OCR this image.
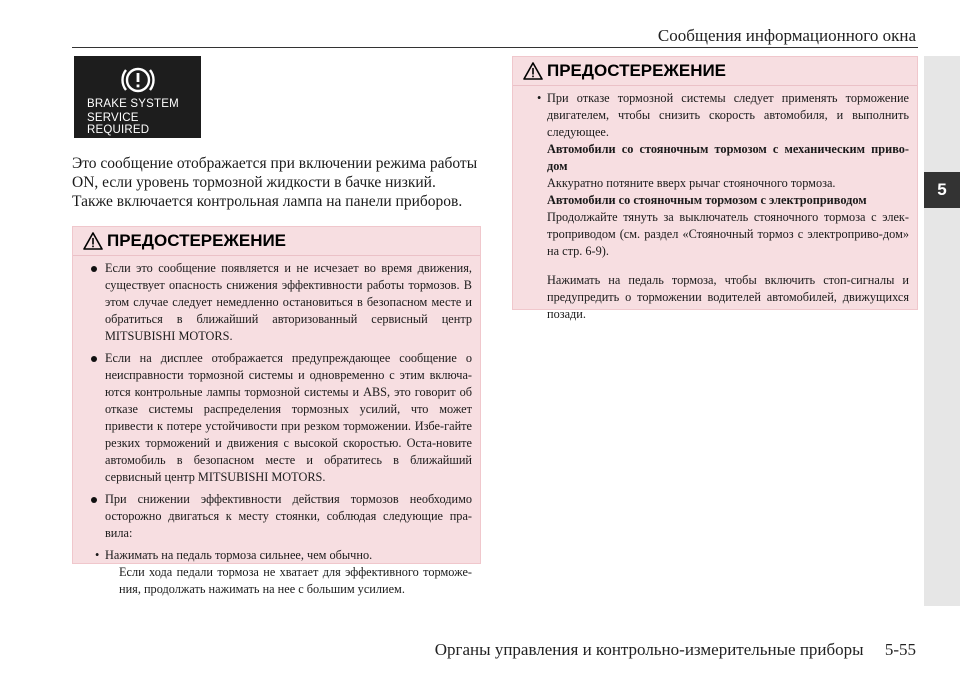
Сообщения информационного окна
5
BRAKE SYSTEM
SERVICE REQUIRED

Это сообщение отображается при включении режима работы ON, если уровень тормозной жидкости в бачке низкий.

Также включается контрольная лампа на панели приборов.

ПРЕДОСТЕРЕЖЕНИЕ
Если это сообщение появляется и не исчезает во время движения, существует опасность снижения эффективности работы тормозов. В этом случае следует немедленно остановиться в безопасном месте и обратиться в ближайший авторизованный сервисный центр MITSUBISHI MOTORS.
Если на дисплее отображается предупреждающее сообщение о неисправности тормозной системы и одновременно с этим включа-ются контрольные лампы тормозной системы и ABS, это говорит об отказе системы распределения тормозных усилий, что может привести к потере устойчивости при резком торможении. Избе-гайте резких торможений и движения с высокой скоростью. Оста-новите автомобиль в безопасном месте и обратитесь в ближайший сервисный центр MITSUBISHI MOTORS.
При снижении эффективности действия тормозов необходимо осторожно двигаться к месту стоянки, соблюдая следующие пра-вила:
• Нажимать на педаль тормоза сильнее, чем обычно.
Если хода педали тормоза не хватает для эффективного торможе-ния, продолжать нажимать на нее с большим усилием.
ПРЕДОСТЕРЕЖЕНИЕ
• При отказе тормозной системы следует применять торможение двигателем, чтобы снизить скорость автомобиля, и выполнить следующее.
Автомобили со стояночным тормозом с механическим приво-дом
Аккуратно потяните вверх рычаг стояночного тормоза.
Автомобили со стояночным тормозом с электроприводом
Продолжайте тянуть за выключатель стояночного тормоза с элек-троприводом (см. раздел «Стояночный тормоз с электроприво-дом» на стр. 6-9).
Нажимать на педаль тормоза, чтобы включить стоп-сигналы и предупредить о торможении водителей автомобилей, движущихся позади.
Органы управления и контрольно-измерительные приборы     5-55
